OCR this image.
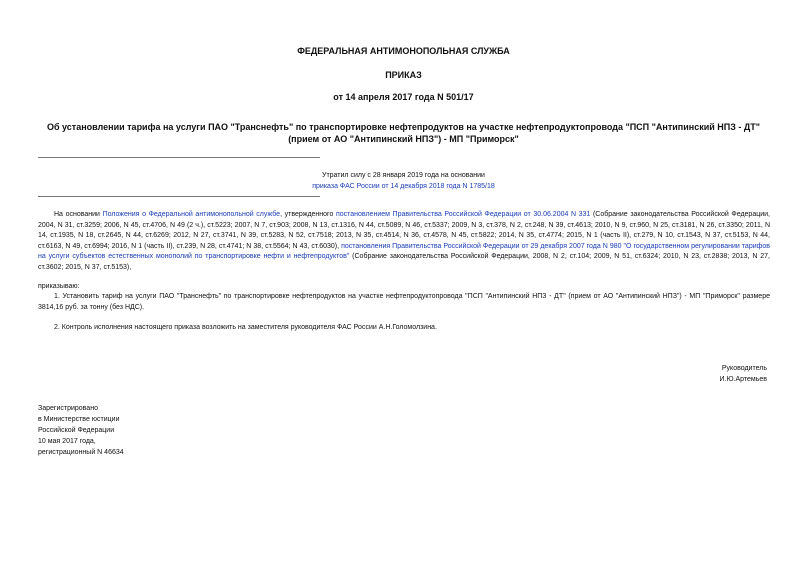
ФЕДЕРАЛЬНАЯ АНТИМОНОПОЛЬНАЯ СЛУЖБА
ПРИКАЗ
от 14 апреля 2017 года N 501/17

Об установлении тарифа на услуги ПАО "Транснефть" по транспортировке нефтепродуктов на участке нефтепродуктопровода "ПСП "Антипинский НПЗ - ДТ"

(прием от АО "Антипинский НПЗ") - МП "Приморск"

Утратил силу с 28 января 2019 года на основании

приказа ФАС России от 14 декабря 2018 года N 1785/18

На основании Положения о Федеральной антимонопольной службе, утвержденного постановлением Правительства Российской Федерации от 30.06.2004 N 331 (Собрание законодательства Российской Федерации, 2004, N 31, ст.3259; 2006, N 45, ст.4706, N 49 (2 ч.), ст.5223; 2007, N 7, ст.903; 2008, N 13, ст.1316, N 44, ст.5089, N 46, ст.5337; 2009, N 3, ст.378, N 2, ст.248, N 39, ст.4613; 2010, N 9, ст.960, N 25, ст.3181, N 26, ст.3350; 2011, N 14, ст.1935, N 18, ст.2645, N 44, ст.6269; 2012, N 27, ст.3741, N 39, ст.5283, N 52, ст.7518; 2013, N 35, ст.4514, N 36, ст.4578, N 45, ст.5822; 2014, N 35, ст.4774; 2015, N 1 (часть II), ст.279, N 10, ст.1543, N 37, ст.5153, N 44, ст.6163, N 49, ст.6994; 2016, N 1 (часть II), ст.239, N 28, ст.4741; N 38, ст.5564; N 43, ст.6030), постановления Правительства Российской Федерации от 29 декабря 2007 года N 980 "О государственном регулировании тарифов на услуги субъектов естественных монополий по транспортировке нефти и нефтепродуктов" (Собрание законодательства Российской Федерации, 2008, N 2, ст.104; 2009, N 51, ст.6324; 2010, N 23, ст.2838; 2013, N 27, ст.3602; 2015, N 37, ст.5153),
приказываю:
1. Установить тариф на услуги ПАО "Транснефть" по транспортировке нефтепродуктов на участке нефтепродуктопровода "ПСП "Антипинский НПЗ - ДТ" (прием от АО "Антипинский НПЗ") - МП "Приморск" размере 3814,16 руб. за тонну (без НДС).
2. Контроль исполнения настоящего приказа возложить на заместителя руководителя ФАС России А.Н.Голомолзина.

Руководитель

И.Ю.Артемьев

Зарегистрировано

в Министерстве юстиции

Российской Федерации

10 мая 2017 года,

регистрационный N 46634
